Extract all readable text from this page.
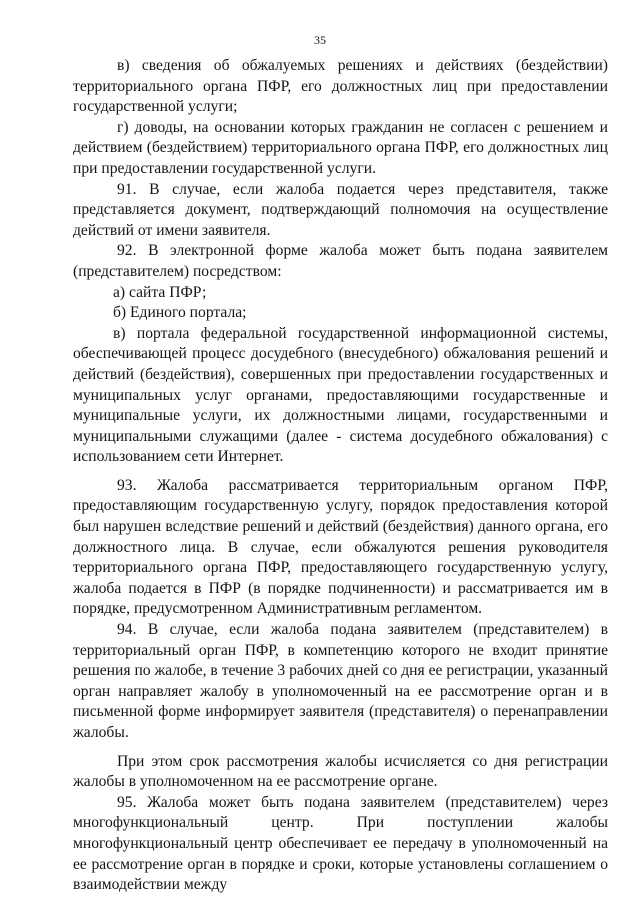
35

в) сведения об обжалуемых решениях и действиях (бездействии) территориального органа ПФР, его должностных лиц при предоставлении государственной услуги;

г) доводы, на основании которых гражданин не согласен с решением и действием (бездействием) территориального органа ПФР, его должностных лиц при предоставлении государственной услуги.

91. В случае, если жалоба подается через представителя, также представляется документ, подтверждающий полномочия на осуществление действий от имени заявителя.

92. В электронной форме жалоба может быть подана заявителем (представителем) посредством:

а) сайта ПФР;

б) Единого портала;

в) портала федеральной государственной информационной системы, обеспечивающей процесс досудебного (внесудебного) обжалования решений и действий (бездействия), совершенных при предоставлении государственных и муниципальных услуг органами, предоставляющими государственные и муниципальные услуги, их должностными лицами, государственными и муниципальными служащими (далее - система досудебного обжалования) с использованием сети Интернет.

93. Жалоба рассматривается территориальным органом ПФР, предоставляющим государственную услугу, порядок предоставления которой был нарушен вследствие решений и действий (бездействия) данного органа, его должностного лица. В случае, если обжалуются решения руководителя территориального органа ПФР, предоставляющего государственную услугу, жалоба подается в ПФР (в порядке подчиненности) и рассматривается им в порядке, предусмотренном Административным регламентом.

94. В случае, если жалоба подана заявителем (представителем) в территориальный орган ПФР, в компетенцию которого не входит принятие решения по жалобе, в течение 3 рабочих дней со дня ее регистрации, указанный орган направляет жалобу в уполномоченный на ее рассмотрение орган и в письменной форме информирует заявителя (представителя) о перенаправлении жалобы.

При этом срок рассмотрения жалобы исчисляется со дня регистрации жалобы в уполномоченном на ее рассмотрение органе.

95. Жалоба может быть подана заявителем (представителем) через многофункциональный центр. При поступлении жалобы многофункциональный центр обеспечивает ее передачу в уполномоченный на ее рассмотрение орган в порядке и сроки, которые установлены соглашением о взаимодействии между
